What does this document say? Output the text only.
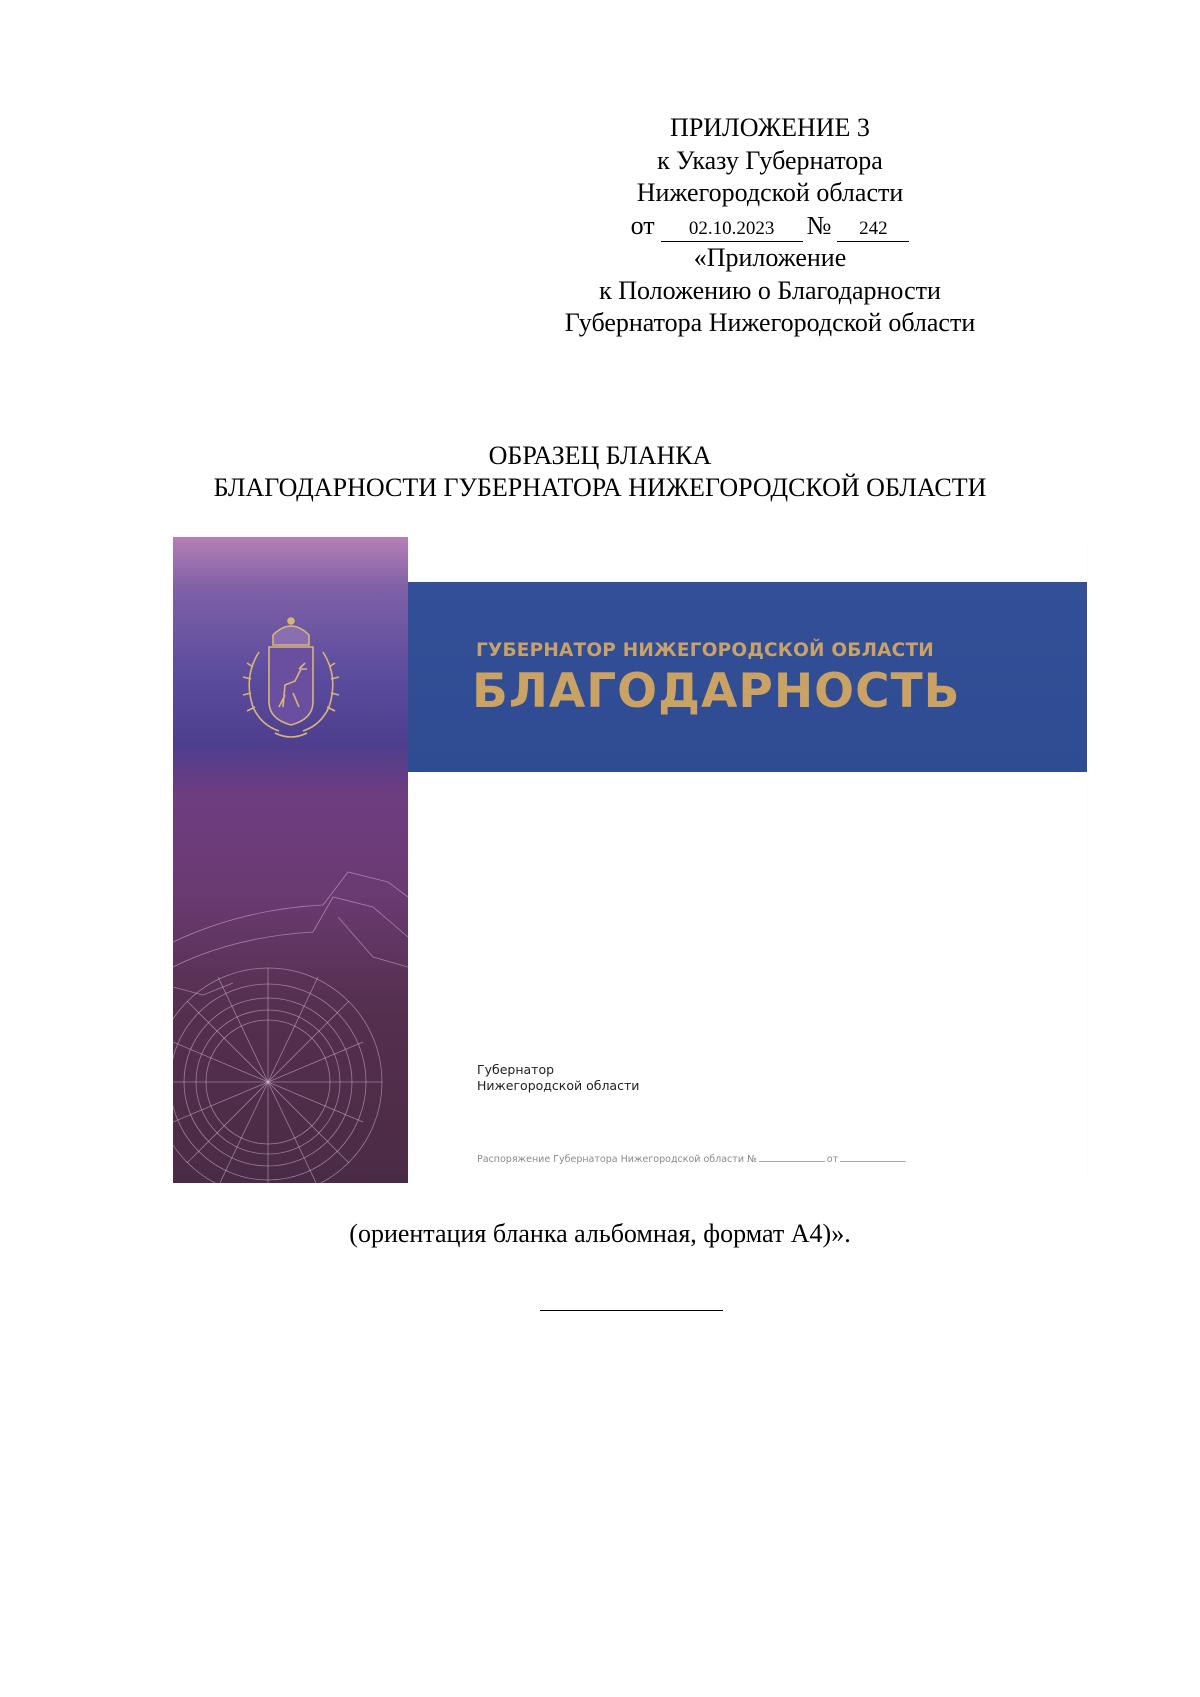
ПРИЛОЖЕНИЕ 3
к Указу Губернатора
Нижегородской области
от 02.10.2023 № 242
«Приложение
к Положению о Благодарности
Губернатора Нижегородской области
ОБРАЗЕЦ БЛАНКА
БЛАГОДАРНОСТИ ГУБЕРНАТОРА НИЖЕГОРОДСКОЙ ОБЛАСТИ
ГУБЕРНАТОР НИЖЕГОРОДСКОЙ ОБЛАСТИ
БЛАГОДАРНОСТЬ
Губернатор
Нижегородской области
Распоряжение Губернатора Нижегородской области №	от
(ориентация бланка альбомная, формат А4)».
